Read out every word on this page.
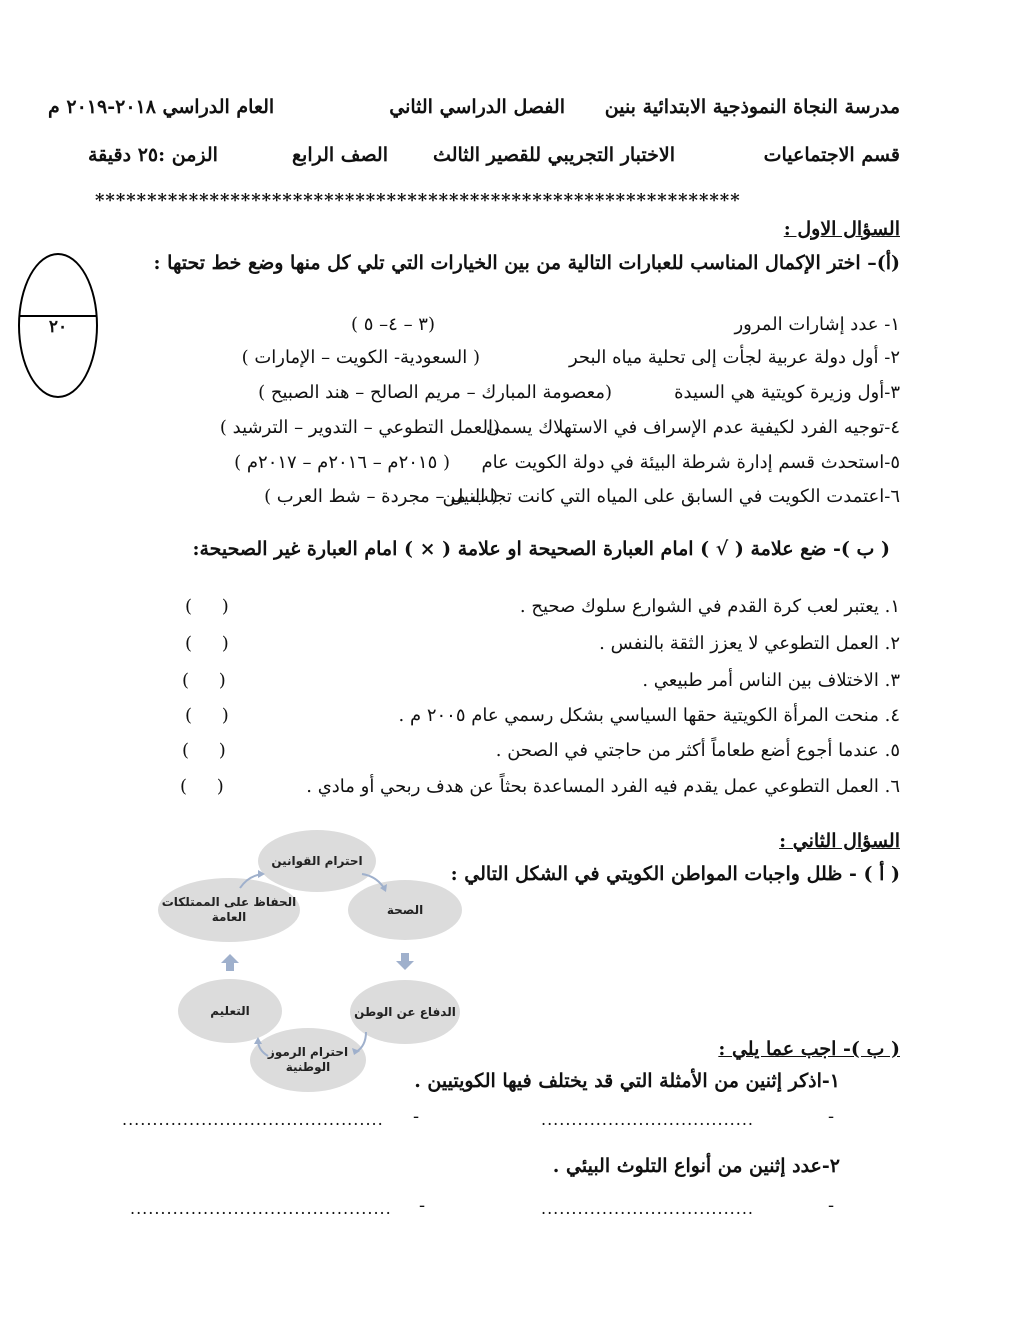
مدرسة النجاة النموذجية الابتدائية بنين
الفصل الدراسي الثاني
العام الدراسي ٢٠١٨-٢٠١٩ م
قسم الاجتماعيات
الاختبار التجريبي للقصير الثالث
الصف الرابع
الزمن :٢٥ دقيقة
**************************************************************
٢٠
السؤال الاول :
(أ)– اختر الإكمال المناسب للعبارات التالية من بين الخيارات التي تلي كل منها وضع خط تحتها :
١- عدد إشارات المرور
(٣ – ٤– ٥ )
٢- أول دولة عربية لجأت إلى تحلية مياه البحر
( السعودية- الكويت – الإمارات )
٣-أول وزيرة كويتية هي السيدة
(معصومة المبارك – مريم الصالح – هند الصبيح )
٤-توجيه الفرد لكيفية عدم الإسراف في الاستهلاك يسمى
(العمل التطوعي – التدوير – الترشيد )
٥-استحدث قسم إدارة شرطة البيئة في دولة الكويت عام
( ٢٠١٥م – ٢٠١٦م – ٢٠١٧م )
٦-اعتمدت الكويت في السابق على المياه التي كانت تجلب من
( النيل – مجردة – شط العرب )
( ب )- ضع علامة ( √ ) امام العبارة الصحيحة او علامة ( × ) امام العبارة غير الصحيحة:
١. يعتبر لعب كرة القدم في الشوارع سلوك صحيح .
( )
٢. العمل التطوعي لا يعزز الثقة بالنفس .
( )
٣. الاختلاف بين الناس أمر طبيعي .
( )
٤. منحت المرأة الكويتية حقها السياسي بشكل رسمي عام ٢٠٠٥ م .
( )
٥. عندما أجوع أضع طعاماً أكثر من حاجتي في الصحن .
( )
٦. العمل التطوعي عمل يقدم فيه الفرد المساعدة بحثاً عن هدف ربحي أو مادي .
( )
السؤال الثاني :
( أ ) - ظلل واجبات المواطن الكويتي في الشكل التالي :
احترام القوانين
الصحة
الدفاع عن الوطن
احترام الرموز الوطنية
التعليم
الحفاظ على الممتلكات العامة
( ب )- اجب عما يلي :
١-اذكر إثنين من الأمثلة التي قد يختلف فيها الكويتيين .
-
...................................
-
...........................................
٢-عدد إثنين من أنواع التلوث البيئي .
-
...................................
-
...........................................
